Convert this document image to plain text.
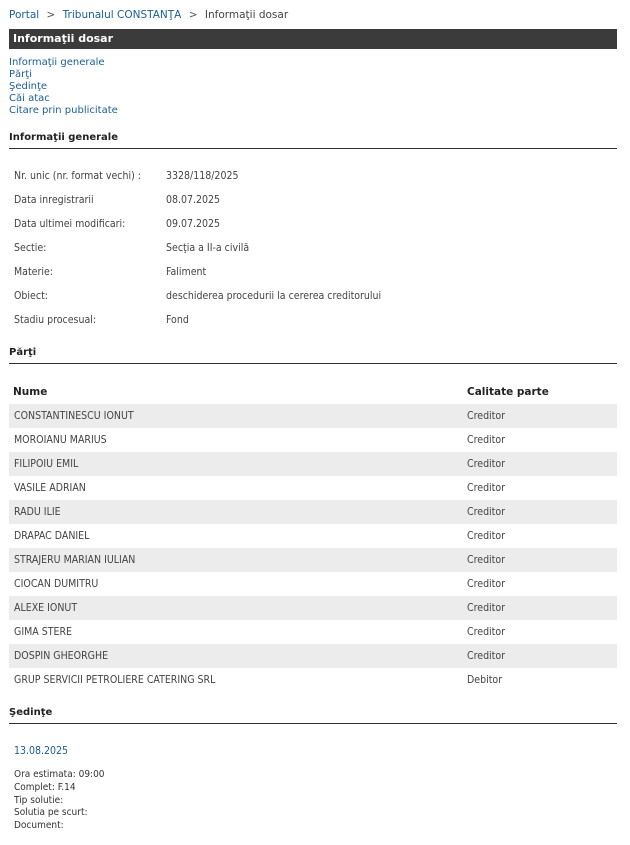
Portal > Tribunalul CONSTANŢA > Informaţii dosar
Informaţii dosar
Informaţii generale
Părţi
Şedinţe
Căi atac
Citare prin publicitate
Informaţii generale
Nr. unic (nr. format vechi) : 3328/118/2025
Data inregistrarii	08.07.2025
Data ultimei modificari:	09.07.2025
Sectie:	Secţia a II-a civilă
Materie:	Faliment
Obiect:	deschiderea procedurii la cererea creditorului
Stadiu procesual:	Fond
Părţi
Nume	Calitate parte
CONSTANTINESCU IONUT	Creditor
MOROIANU MARIUS	Creditor
FILIPOIU EMIL	Creditor
VASILE ADRIAN	Creditor
RADU ILIE	Creditor
DRAPAC DANIEL	Creditor
STRAJERU MARIAN IULIAN	Creditor
CIOCAN DUMITRU	Creditor
ALEXE IONUT	Creditor
GIMA STERE	Creditor
DOSPIN GHEORGHE	Creditor
GRUP SERVICII PETROLIERE CATERING SRL	Debitor
Şedinţe
13.08.2025
Ora estimata: 09:00
Complet: F.14
Tip solutie:
Solutia pe scurt:
Document:
